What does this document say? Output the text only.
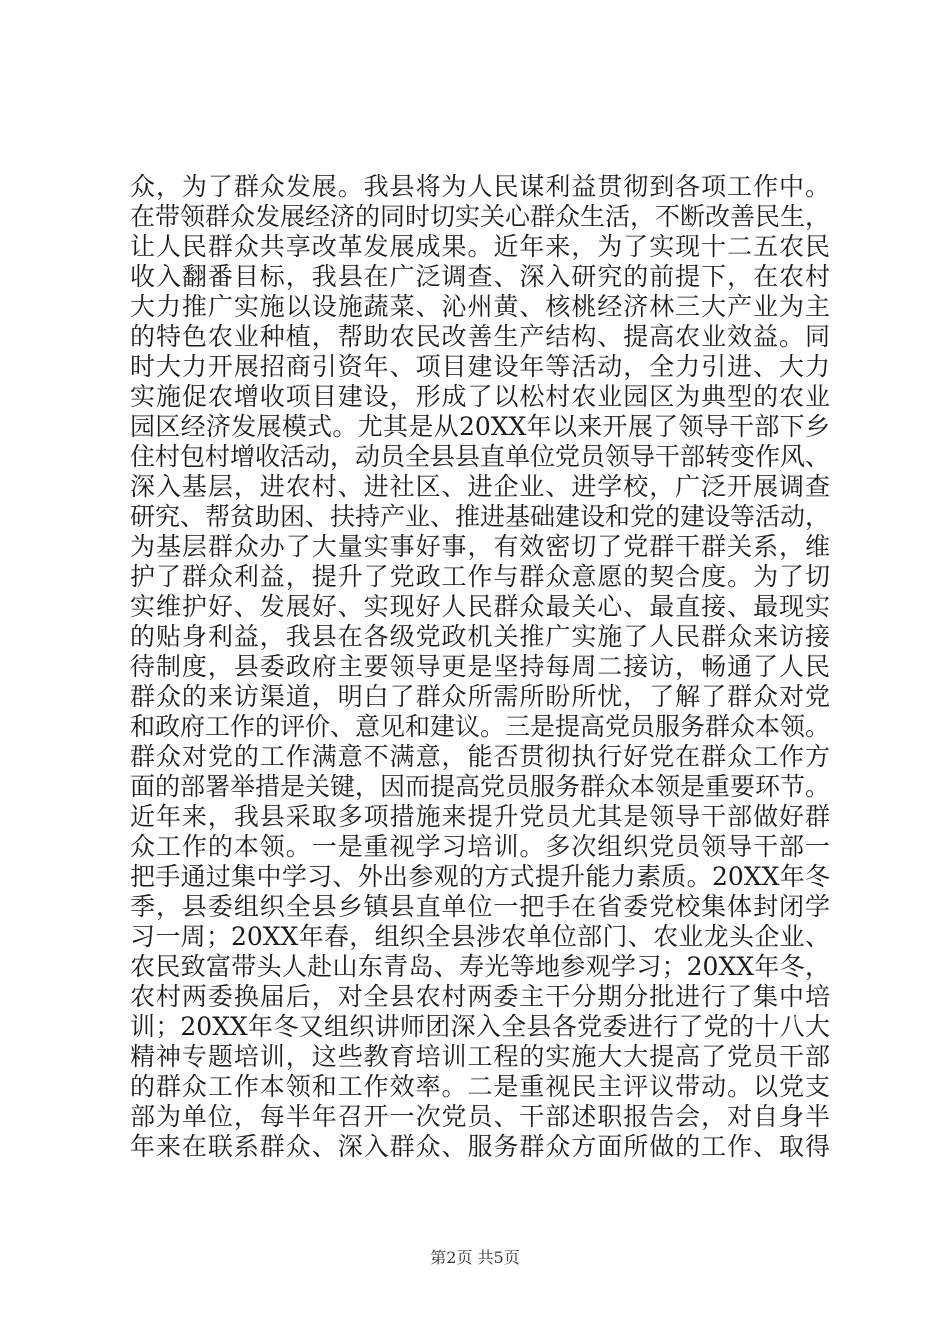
众，为了群众发展。我县将为人民谋利益贯彻到各项工作中。
在带领群众发展经济的同时切实关心群众生活，不断改善民生，
让人民群众共享改革发展成果。近年来，为了实现十二五农民
收入翻番目标，我县在广泛调查、深入研究的前提下，在农村
大力推广实施以设施蔬菜、沁州黄、核桃经济林三大产业为主
的特色农业种植，帮助农民改善生产结构、提高农业效益。同
时大力开展招商引资年、项目建设年等活动，全力引进、大力
实施促农增收项目建设，形成了以松村农业园区为典型的农业
园区经济发展模式。尤其是从20XX年以来开展了领导干部下乡
住村包村增收活动，动员全县县直单位党员领导干部转变作风、
深入基层，进农村、进社区、进企业、进学校，广泛开展调查
研究、帮贫助困、扶持产业、推进基础建设和党的建设等活动，
为基层群众办了大量实事好事，有效密切了党群干群关系，维
护了群众利益，提升了党政工作与群众意愿的契合度。为了切
实维护好、发展好、实现好人民群众最关心、最直接、最现实
的贴身利益，我县在各级党政机关推广实施了人民群众来访接
待制度，县委政府主要领导更是坚持每周二接访，畅通了人民
群众的来访渠道，明白了群众所需所盼所忧，了解了群众对党
和政府工作的评价、意见和建议。三是提高党员服务群众本领。
群众对党的工作满意不满意，能否贯彻执行好党在群众工作方
面的部署举措是关键，因而提高党员服务群众本领是重要环节。
近年来，我县采取多项措施来提升党员尤其是领导干部做好群
众工作的本领。一是重视学习培训。多次组织党员领导干部一
把手通过集中学习、外出参观的方式提升能力素质。20XX年冬
季，县委组织全县乡镇县直单位一把手在省委党校集体封闭学
习一周；20XX年春，组织全县涉农单位部门、农业龙头企业、
农民致富带头人赴山东青岛、寿光等地参观学习；20XX年冬，
农村两委换届后，对全县农村两委主干分期分批进行了集中培
训；20XX年冬又组织讲师团深入全县各党委进行了党的十八大
精神专题培训，这些教育培训工程的实施大大提高了党员干部
的群众工作本领和工作效率。二是重视民主评议带动。以党支
部为单位，每半年召开一次党员、干部述职报告会，对自身半
年来在联系群众、深入群众、服务群众方面所做的工作、取得
第2页 共5页
